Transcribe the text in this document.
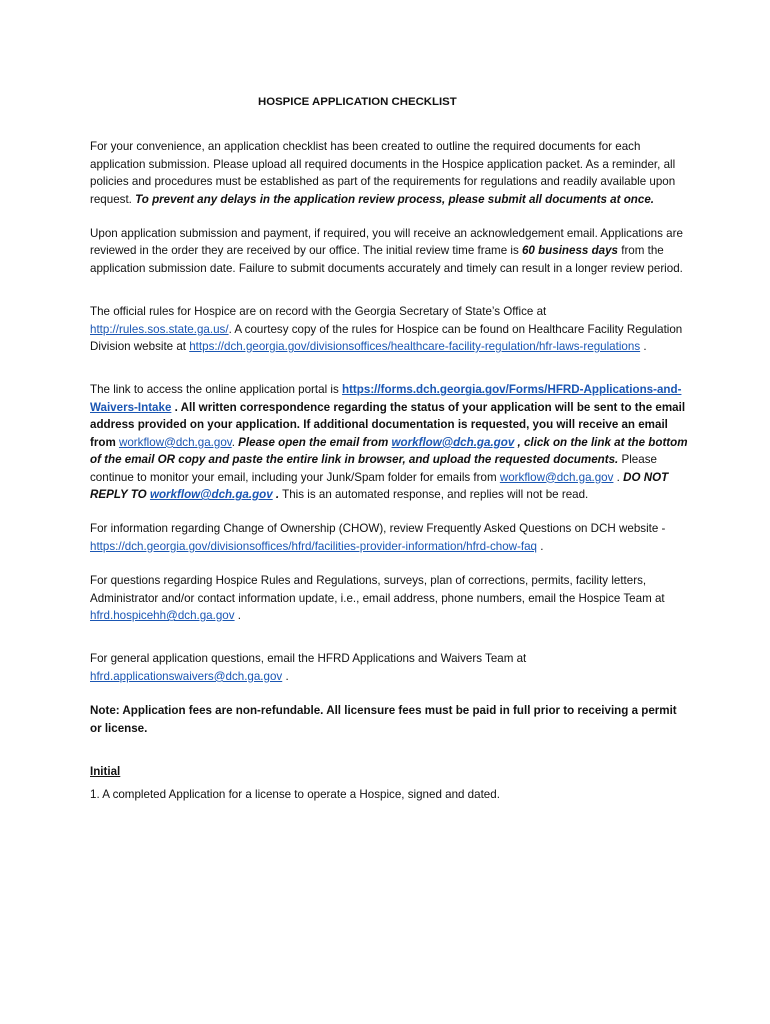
HOSPICE APPLICATION CHECKLIST

For your convenience, an application checklist has been created to outline the required documents for each application submission. Please upload all required documents in the Hospice application packet. As a reminder, all policies and procedures must be established as part of the requirements for regulations and readily available upon request. To prevent any delays in the application review process, please submit all documents at once.

Upon application submission and payment, if required, you will receive an acknowledgement email. Applications are reviewed in the order they are received by our office. The initial review time frame is 60 business days from the application submission date. Failure to submit documents accurately and timely can result in a longer review period.

The official rules for Hospice are on record with the Georgia Secretary of State’s Office at http://rules.sos.state.ga.us/. A courtesy copy of the rules for Hospice can be found on Healthcare Facility Regulation Division website at https://dch.georgia.gov/divisionsoffices/healthcare-facility-regulation/hfr-laws-regulations .

The link to access the online application portal is https://forms.dch.georgia.gov/Forms/HFRD-Applications-and-Waivers-Intake . All written correspondence regarding the status of your application will be sent to the email address provided on your application. If additional documentation is requested, you will receive an email from workflow@dch.ga.gov. Please open the email from workflow@dch.ga.gov , click on the link at the bottom of the email OR copy and paste the entire link in browser, and upload the requested documents. Please continue to monitor your email, including your Junk/Spam folder for emails from workflow@dch.ga.gov . DO NOT REPLY TO workflow@dch.ga.gov . This is an automated response, and replies will not be read.

For information regarding Change of Ownership (CHOW), review Frequently Asked Questions on DCH website - https://dch.georgia.gov/divisionsoffices/hfrd/facilities-provider-information/hfrd-chow-faq .

For questions regarding Hospice Rules and Regulations, surveys, plan of corrections, permits, facility letters, Administrator and/or contact information update, i.e., email address, phone numbers, email the Hospice Team at hfrd.hospicehh@dch.ga.gov .

For general application questions, email the HFRD Applications and Waivers Team at hfrd.applicationswaivers@dch.ga.gov .

Note: Application fees are non-refundable. All licensure fees must be paid in full prior to receiving a permit or license.

Initial

1. A completed Application for a license to operate a Hospice, signed and dated.
